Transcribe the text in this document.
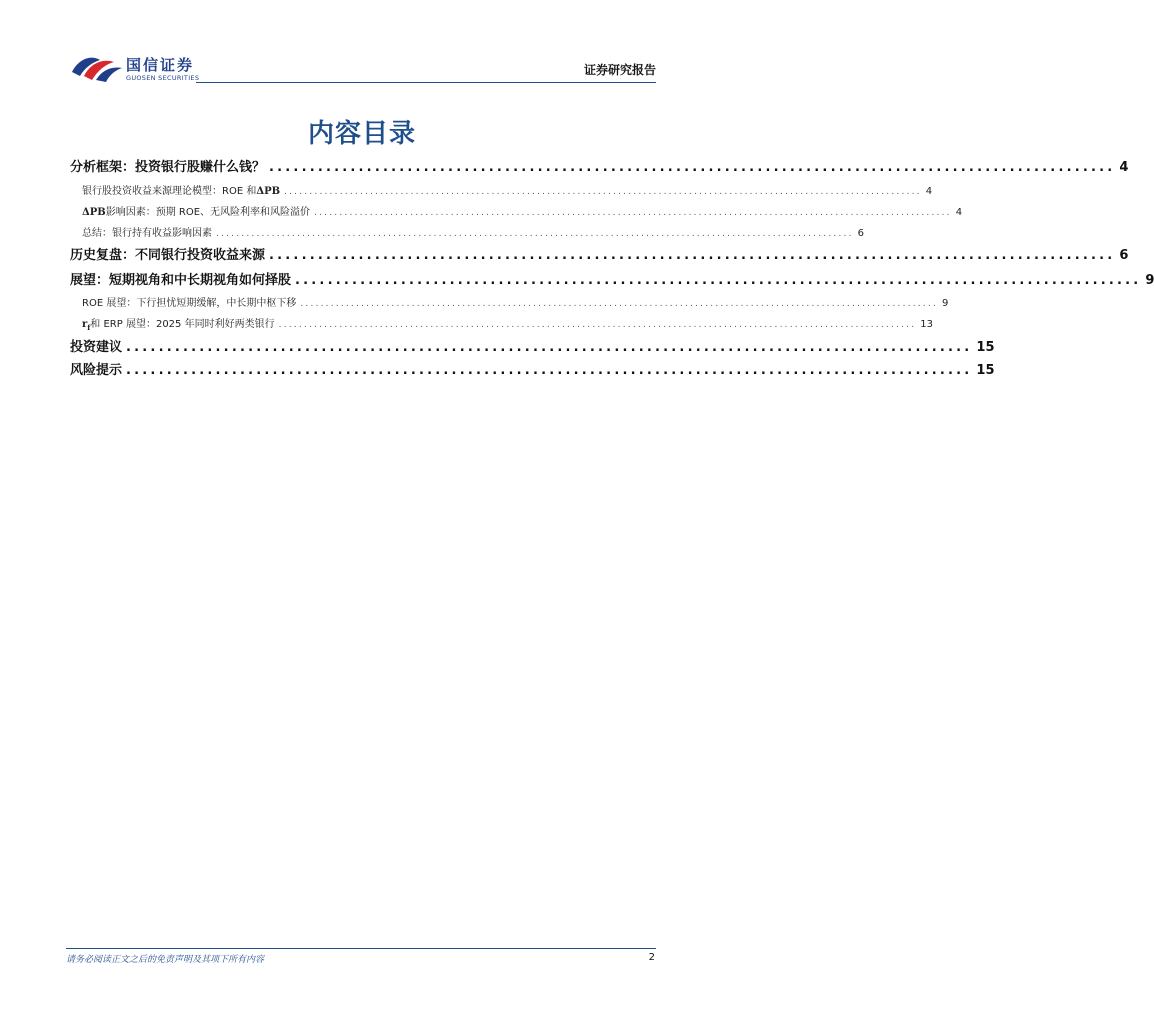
国信证券
GUOSEN SECURITIES
证券研究报告
内容目录
分析框架：投资银行股赚什么钱？ ........................................................................................................ 4
银行股投资收益来源理论模型：ROE 和ΔPB .............................................................................................................................. 4
ΔPB影响因素：预期 ROE、无风险利率和风险溢价 .............................................................................................................................. 4
总结：银行持有收益影响因素 .............................................................................................................................. 6
历史复盘：不同银行投资收益来源 ........................................................................................................ 6
展望：短期视角和中长期视角如何择股 ........................................................................................................ 9
ROE 展望：下行担忧短期缓解，中长期中枢下移 .............................................................................................................................. 9
$r_f$和 ERP 展望：2025 年同时利好两类银行 .............................................................................................................................. 13
投资建议 ........................................................................................................ 15
风险提示 ........................................................................................................ 15
请务必阅读正文之后的免责声明及其项下所有内容	2
